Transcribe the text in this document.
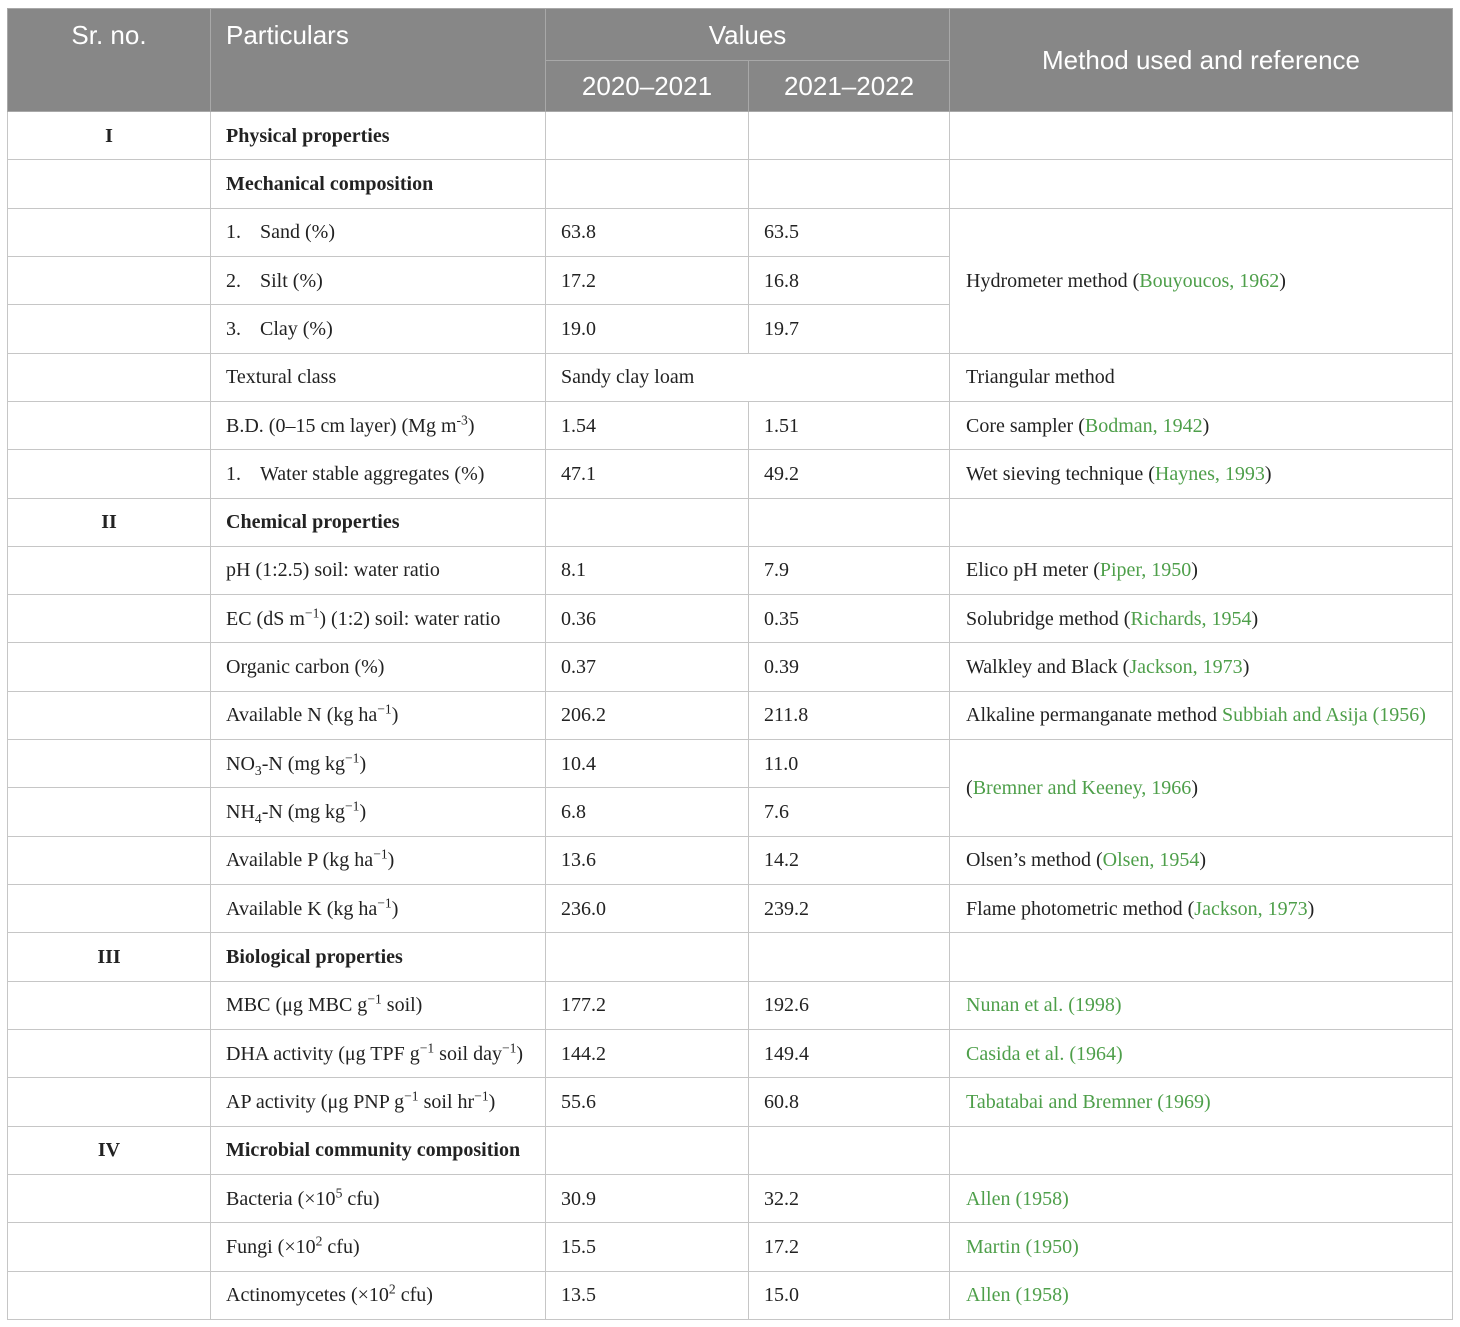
Sr. no.	Particulars	Values		Method used and reference
		2020–2021	2021–2022	
I	Physical properties			
	Mechanical composition			
	1. Sand (%)	63.8	63.5	Hydrometer method (Bouyoucos, 1962)
	2. Silt (%)	17.2	16.8	
	3. Clay (%)	19.0	19.7	
	Textural class	Sandy clay loam		Triangular method
	B.D. (0–15 cm layer) (Mg $m^{-3}$)	1.54	1.51	Core sampler (Bodman, 1942)
	1. Water stable aggregates (%)	47.1	49.2	Wet sieving technique (Haynes, 1993)
II	Chemical properties			
	pH (1:2.5) soil: water ratio	8.1	7.9	Elico pH meter (Piper, 1950)
	EC (dS $m^{-1}$) (1:2) soil: water ratio	0.36	0.35	Solubridge method (Richards, 1954)
	Organic carbon (%)	0.37	0.39	Walkley and Black (Jackson, 1973)
	Available N (kg $ha^{-1}$)	206.2	211.8	Alkaline permanganate method Subbiah and Asija (1956)
	$NO_3-N$ (mg $kg^{-1}$)	10.4	11.0	(Bremner and Keeney, 1966)
	$NH_4-N$ (mg $kg^{-1}$)	6.8	7.6	
	Available P (kg $ha^{-1}$)	13.6	14.2	Olsen’s method (Olsen, 1954)
	Available K (kg $ha^{-1}$)	236.0	239.2	Flame photometric method (Jackson, 1973)
III	Biological properties			
	MBC (μg MBC $g^{-1}$ soil)	177.2	192.6	Nunan et al. (1998)
	DHA activity (μg TPF $g^{-1}$ soil day$^{-1}$)	144.2	149.4	Casida et al. (1964)
	AP activity (μg PNP $g^{-1}$ soil $hr^{-1}$)	55.6	60.8	Tabatabai and Bremner (1969)
IV	Microbial community composition			
	Bacteria ($\times 10^5$ cfu)	30.9	32.2	Allen (1958)
	Fungi ($\times 10^2$ cfu)	15.5	17.2	Martin (1950)
	Actinomycetes ($\times 10^2$ cfu)	13.5	15.0	Allen (1958)
